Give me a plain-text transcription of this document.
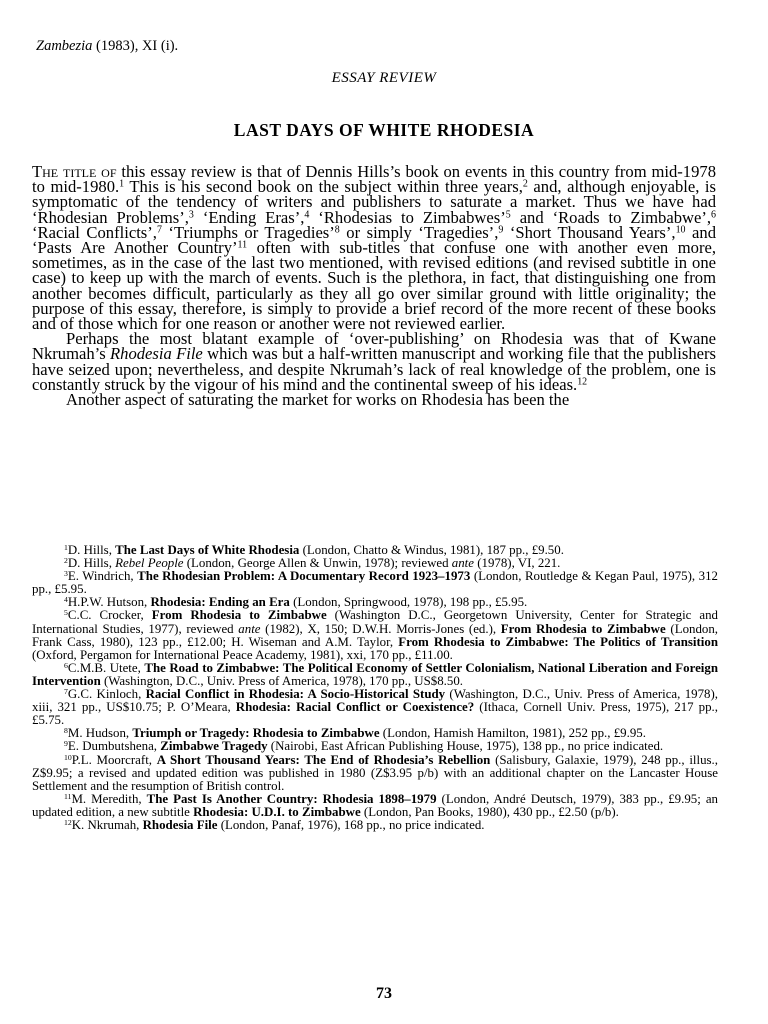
Zambezia (1983), XI (i).
ESSAY REVIEW
LAST DAYS OF WHITE RHODESIA

The title of this essay review is that of Dennis Hills’s book on events in this country from mid-1978 to mid-1980.$^1$ This is his second book on the subject within three years,$^2$ and, although enjoyable, is symptomatic of the tendency of writers and publishers to saturate a market. Thus we have had ‘Rhodesian Problems’,$^3$ ‘Ending Eras’,$^4$ ‘Rhodesias to Zimbabwes’$^5$ and ‘Roads to Zimbabwe’,$^6$ ‘Racial Conflicts’,$^7$ ‘Triumphs or Tragedies’$^8$ or simply ‘Tragedies’,$^9$ ‘Short Thousand Years’,$^{10}$ and ‘Pasts Are Another Country’$^{11}$ often with sub-titles that confuse one with another even more, sometimes, as in the case of the last two mentioned, with revised editions (and revised subtitle in one case) to keep up with the march of events. Such is the plethora, in fact, that distinguishing one from another becomes difficult, particularly as they all go over similar ground with little originality; the purpose of this essay, therefore, is simply to provide a brief record of the more recent of these books and of those which for one reason or another were not reviewed earlier.

Perhaps the most blatant example of ‘over-publishing’ on Rhodesia was that of Kwane Nkrumah’s Rhodesia File which was but a half-written manuscript and working file that the publishers have seized upon; nevertheless, and despite Nkrumah’s lack of real knowledge of the problem, one is constantly struck by the vigour of his mind and the continental sweep of his ideas.$^{12}$

Another aspect of saturating the market for works on Rhodesia has been the

$^1$D. Hills, The Last Days of White Rhodesia (London, Chatto & Windus, 1981), 187 pp., £9.50.

$^2$D. Hills, Rebel People (London, George Allen & Unwin, 1978); reviewed ante (1978), VI, 221.

$^3$E. Windrich, The Rhodesian Problem: A Documentary Record 1923–1973 (London, Routledge & Kegan Paul, 1975), 312 pp., £5.95.

$^4$H.P.W. Hutson, Rhodesia: Ending an Era (London, Springwood, 1978), 198 pp., £5.95.

$^5$C.C. Crocker, From Rhodesia to Zimbabwe (Washington D.C., Georgetown University, Center for Strategic and International Studies, 1977), reviewed ante (1982), X, 150; D.W.H. Morris-Jones (ed.), From Rhodesia to Zimbabwe (London, Frank Cass, 1980), 123 pp., £12.00; H. Wiseman and A.M. Taylor, From Rhodesia to Zimbabwe: The Politics of Transition (Oxford, Pergamon for International Peace Academy, 1981), xxi, 170 pp., £11.00.

$^6$C.M.B. Utete, The Road to Zimbabwe: The Political Economy of Settler Colonialism, National Liberation and Foreign Intervention (Washington, D.C., Univ. Press of America, 1978), 170 pp., US$8.50.

$^7$G.C. Kinloch, Racial Conflict in Rhodesia: A Socio-Historical Study (Washington, D.C., Univ. Press of America, 1978), xiii, 321 pp., US$10.75; P. O’Meara, Rhodesia: Racial Conflict or Coexistence? (Ithaca, Cornell Univ. Press, 1975), 217 pp., £5.75.

$^8$M. Hudson, Triumph or Tragedy: Rhodesia to Zimbabwe (London, Hamish Hamilton, 1981), 252 pp., £9.95.

$^9$E. Dumbutshena, Zimbabwe Tragedy (Nairobi, East African Publishing House, 1975), 138 pp., no price indicated.

$^{10}$P.L. Moorcraft, A Short Thousand Years: The End of Rhodesia’s Rebellion (Salisbury, Galaxie, 1979), 248 pp., illus., Z$9.95; a revised and updated edition was published in 1980 (Z$3.95 p/b) with an additional chapter on the Lancaster House Settlement and the resumption of British control.

$^{11}$M. Meredith, The Past Is Another Country: Rhodesia 1898–1979 (London, André Deutsch, 1979), 383 pp., £9.95; an updated edition, a new subtitle Rhodesia: U.D.I. to Zimbabwe (London, Pan Books, 1980), 430 pp., £2.50 (p/b).

$^{12}$K. Nkrumah, Rhodesia File (London, Panaf, 1976), 168 pp., no price indicated.

73
